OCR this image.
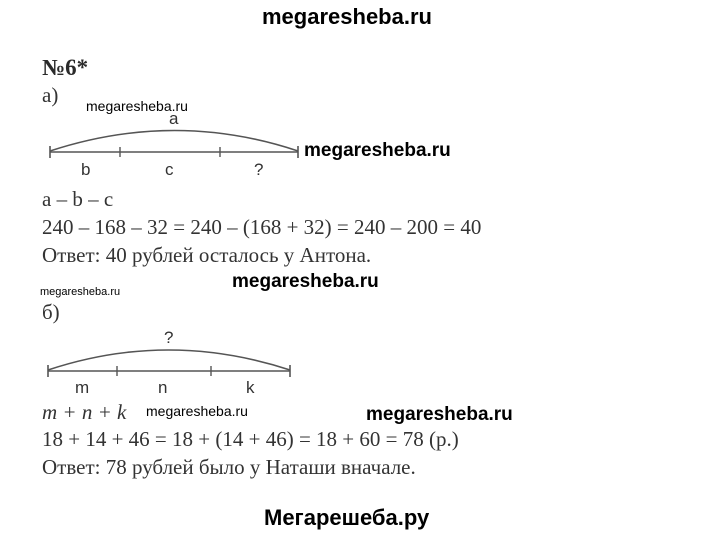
megaresheba.ru
№6*
а) megaresheba.ru
a
b	c	?
megaresheba.ru
a – b – c
240 – 168 – 32 = 240 – (168 + 32) = 240 – 200 = 40
Ответ: 40 рублей осталось у Антона.
megaresheba.ru	megaresheba.ru
б)
?
m	n	k
m + n + k megaresheba.ru	megaresheba.ru
18 + 14 + 46 = 18 + (14 + 46) = 18 + 60 = 78 (р.)
Ответ: 78 рублей было у Наташи вначале.
Мегарешеба.ру
